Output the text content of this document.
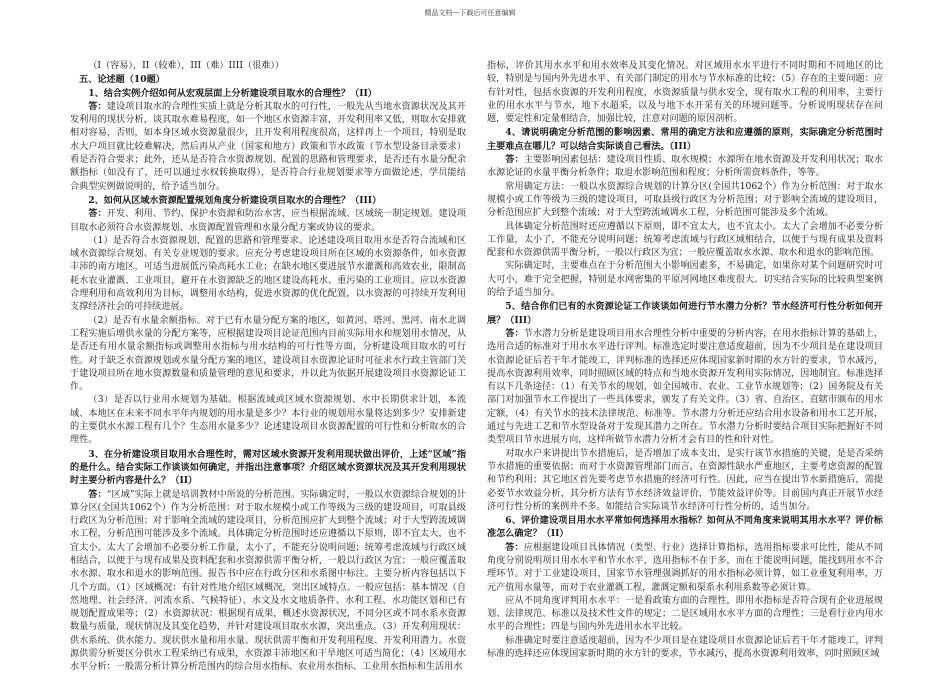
精品文档---下载后可任意编辑

（I（容易），II（较难），III（难）IIII（很难））

五、论述题（10题）

1、结合实例介绍如何从宏观层面上分析建设项目取水的合理性？（II）

答：建设项目取水的合理性实质上就是分析其取水的可行性，一般先从当地水资源状况及其开发利用的现状分析，谈其取水难易程度，如一个地区水资源丰富，开发利用率又低，则取水安排就相对容易，否则，如本身区域水资源量很少，且开发利用程度很高，这样再上一个项目，特别是取水大户项目就比较难解决，然后再从产业（国家和地方）政策和节水政策（节水型设备目录要求）看是否符合要求；此外，还从是否符合水资源规划、配置的思路和管理要求，是否还有水量分配余额指标（如没有了，还可以通过水权转换取得），是否符合行业规划要求等方面做论述，学员能结合典型实例做说明的，给予适当加分。

2、如何从区域水资源配置规划角度分析建设项目取水的合理性？（III）

答：开发、利用、节约、保护水资源和防治水害，应当根据流域、区域统一制定规划。建设项目取水必须符合水资源规划、水资源配置管理和水量分配方案或协议的要求。

（1）是否符合水资源规划、配置的思路和管理要求。论述建设项目取用水是否符合流域和区域水资源综合规划、有关专业规划的要求。应充分考虑建设项目所在区域的水资源条件，如水资源丰沛的南方地区，可适当进展低污染高耗水工业；在缺水地区要进展节水灌溉和高效农业，限制高耗水农业灌溉、工业项目，避开在水资源缺乏的地区建设高耗水、重污染的工业项目。应以水资源合理利用和高效利用为目标，调整用水结构，促进水资源的优化配置，以水资源的可持续开发利用支撑经济社会的可持续进展。

（2）是否有水量余额指标。对于已有水量分配方案的地区，如黄河、塔河、黑河、南水北调工程实施后增供水量的分配方案等，应根据建设项目论证范围内目前实际用水和规划用水情况，从是否还有用水量余额指标或调整用水指标与用水结构的可行性等方面，分析建设项目取水的可行性。对于缺乏水资源规划或水量分配方案的地区，建设项目水资源论证时可征求水行政主管部门关于建设项目所在地水资源数量和质量管理的意见和要求，并以此为依据开展建设项目水资源论证工作。

（3）是否以行业用水规划为基础。根据流域或区域水资源规划、水中长期供求计划，本流域、本地区在未来不同水平年内规划的用水量是多少？本行业的规划用水量将达到多少？安排新建的主要供水水源工程有几个？生态用水量多少？论述建设项目水资源配置的可行性和分析取水的合理性。

3、在分析建设项目取用水合理性时，需对区域水资源开发利用现状做出评价，上述“区域”指的是什么。结合实际工作谈谈如何确定，并指出注意事项？介绍区域水资源状况及其开发利用现状时主要分析内容是什么？（II）

答：“区域”实际上就是培训教材中所说的分析范围。实际确定时，一般以水资源综合规划的计算分区(全国共1062个）作为分析范围：对于取水规模小或工作等级为三级的建设项目，可取县级行政区为分析范围；对于影响全流域的建设项目，分析范围应扩大到整个流域；对于大型跨流域调水工程，分析范围可能涉及多个流域。具体确定分析范围时还应遵循以下原则，即不宜太大，也不宜太小。太大了会增加不必要分析工作量，太小了，不能充分说明问题；统筹考虑流域与行政区域相结合，以便于与现有成果及资料配套和水资源供需平衡分析，一般以行政区为宜；一般应覆盖取水水源、取水和退水的影响范围。报告书中应在行政分区和水系图中标注。主要分析内容包括以下几个方面。（1）区域概况：有针对性地介绍区域概况，突出区域特点。一般应包括：基本情况（自然地理、社会经济、河流水系、气候特征）、水文及水文地质条件、水利工程、水功能区划和已有规划配置成果等；（2）水资源状况：根据现有成果，概述水资源状况，不同分区或不同水系水资源数量与质量，现状情况及其变化趋势，并针对建设项目取水水源，突出重点。（3）开发利用现状：供水系统、供水能力、现状供水量和用水量、现状供需平衡和开发利用程度、开发利用潜力。水资源供需分析要区分供水工程采纳已有成果，水资源丰沛地区和干旱地区可适当简化；（4）区域用水水平分析：一般需分析计算分析范围内的综合用水指标、农业用水指标、工业用水指标和生活用水

指标，评价其用水水平和用水效率及其变化情况。对区域用水水平进行不同时期和不同地区的比较，特别是与国内外先进水平、有关部门制定的用水与节水标准的比较；（5）存在的主要问题：应有针对性，包括水资源的开发利用程度，水资源质量与供水安全，现有取水工程的利用率，主要行业的用水水平与节水，地下水超采，以及与地下水开采有关的环境问题等。分析说明现状存在问题，要定性和定量相结合，加强比较，注意对问题的原因剖析。

4、请说明确定分析范围的影响因素、常用的确定方法和应遵循的原则，实际确定分析范围时主要难点在哪儿？可以结合实际谈自己看法。（III）

答：主要影响因素包括：建设项目性质、取水规模；水源所在地水资源及开发利用状况；取水水源论证的水量平衡分析条件；取退水影响范围和程度；分析所需资料条件，等等。

常用确定方法：一般以水资源综合规划的计算分区(全国共1062个）作为分析范围：对于取水规模小或工作等级为三级的建设项目，可取县级行政区为分析范围；对于影响全流域的建设项目，分析范围应扩大到整个流域；对于大型跨流域调水工程，分析范围可能涉及多个流域。

具体确定分析范围时还应遵循以下原则，即不宜太大，也不宜太小。太大了会增加不必要分析工作量，太小了，不能充分说明问题；统筹考虑流域与行政区域相结合，以便于与现有成果及资料配套和水资源供需平衡分析，一般以行政区为宜；一般应覆盖取水水源、取水和退水的影响范围。

实际确定时，主要难点在于分析范围大小影响因素多，不易确定，如果你对某个问题研究时可大可小，难于完全把握，特别是水网密集的平原河网地区难度很大。切实结合实际的比较典型案例的给予适当加分。

5、结合你们已有的水资源论证工作谈谈如何进行节水潜力分析？节水经济可行性分析如何开展？（III）

答：节水潜力分析是建设项目用水合理性分析中重要的分析内容，在用水指标计算的基础上，选用合适的标准对于用水水平进行评判。标准选定时要注意适度超前，因为不少项目是在建设项目水资源论证后若干年才能竣工，评判标准的选择还应体现国家新时期的水方针的要求，节水减污，提高水资源利用效率，同时照顾区域的特点和当地水资源开发利用实际情况，因地制宜。标准选择有以下几条途径：（1）有关节水的规划，如全国城市、农业、工业节水规划等；（2）国务院及有关部门对加强节水工作提出了一些具体要求，颁发了有关文件。（3）省、自治区、直辖市颁布的用水定额，（4）有关节水的技术法律规范、标准等。节水潜力分析还应结合用水设备和用水工艺开展，通过与先进工艺和节水型设备对于发现其潜力之所在。节水潜力分析时要结合项目实际把握好不同类型项目节水进展方向，这样所做节水潜力分析才会有目的性和针对性。

对取水户来讲提出节水措施后，是否增加了成本支出，是实行该节水措施的关键，是是否采纳节水措施的重要依据；而对于水资源管理部门而言，在资源性缺水严重地区，主要考虑资源的配置和节约利用；其它地区首先要考虑节水措施的经济可行性。因此，应当在提出节水新措施后，需提必要节水效益分析，其分析方法有节水经济效益评价，节能效益评价等。目前国内真正开展节水经济可行性分析的案例并不多。如能结合实际谈节水经济可行性分析的，适当加分。

6、评价建设项目用水水平常如何选择用水指标？如何从不同角度来说明其用水水平？评价标准怎么确定？（II）

答：应根据建设项目具体情况（类型、行业）选择计算指标，选用指标要求可比性，能从不同角度分别说明项目用水水平和节水水平，选用指标不在于多，而在于能说明问题，能找到用水不合理环节。对于工业建设项目，国家节水管理强调抓好的用水指标必须计算，如工业重复利用率，万元产值用水量等，而对于农业灌溉工程，灌溉定额和渠系水利用系数等必须计算。

应从不同角度评判用水水平：一是看政策方面的合理性，即用水指标是否符合现有企业进展规划、法律规范、标准以及技术性文件的规定；二是区域用水水平方面的合理性；三是看行业内用水水平的合理性；四是与国内外先进用水水平比较。

标准确定时要注意适度超前，因为不少项目是在建设项目水资源论证后若干年才能竣工，评判标准的选择还应体现国家新时期的水方针的要求，节水减污，提高水资源利用效率，同时照顾区域
